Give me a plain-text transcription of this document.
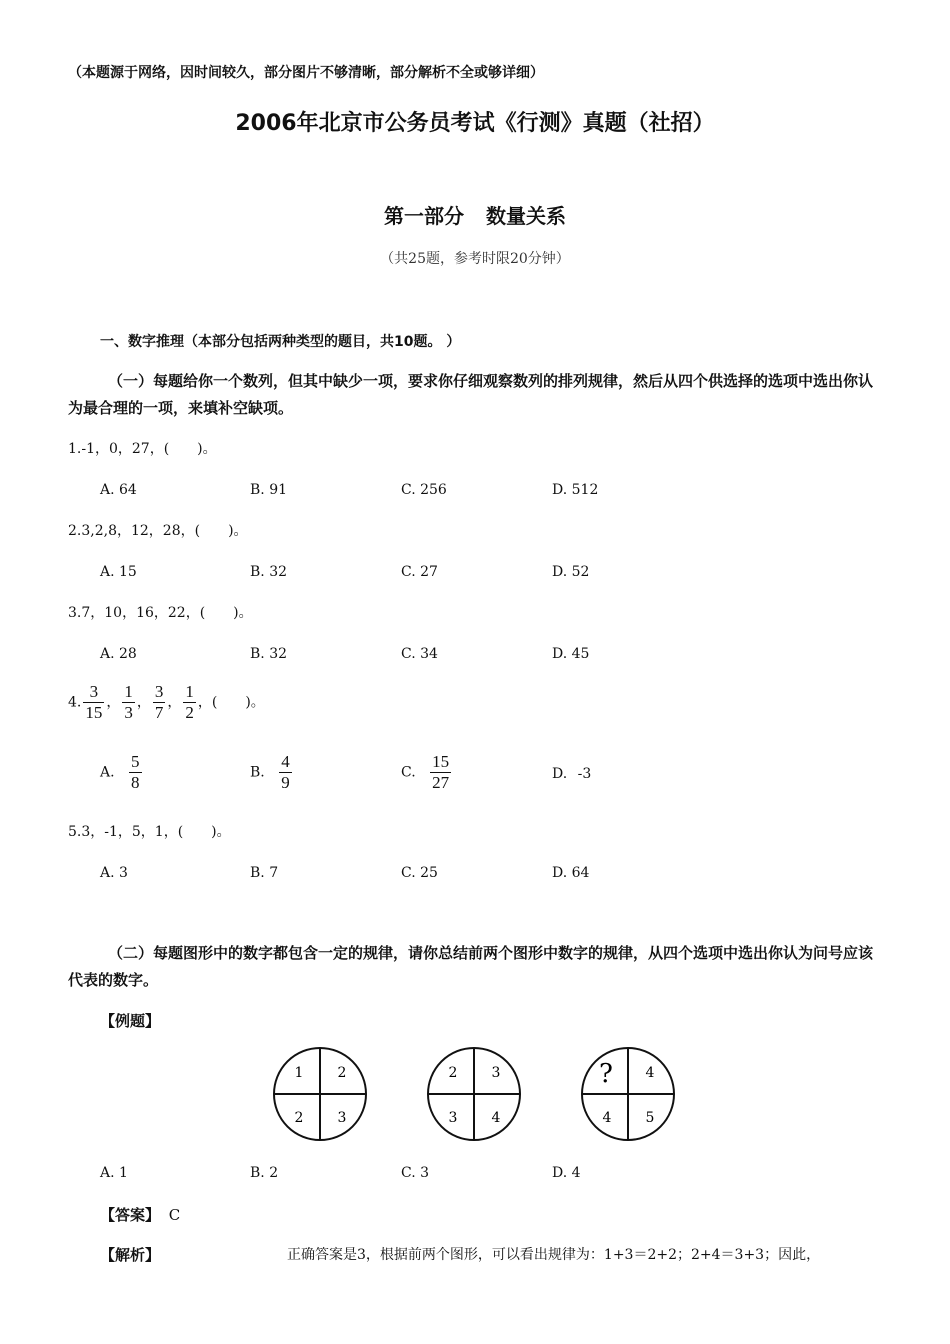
（本题源于网络，因时间较久，部分图片不够清晰，部分解析不全或够详细）
2006年北京市公务员考试《行测》真题（社招）
第一部分 数量关系
（共25题，参考时限20分钟）
一、数字推理（本部分包括两种类型的题目，共10题。 ）
（一）每题给你一个数列，但其中缺少一项，要求你仔细观察数列的排列规律，然后从四个供选择的选项中选出你认为最合理的一项，来填补空缺项。
1.-1，0，27，(　　)。
A. 64	B. 91	C. 256	D. 512
2.3,2,8，12，28，(　　)。
A. 15	B. 32	C. 27	D. 52
3.7，10，16，22，(　　)。
A. 28	B. 32	C. 34	D. 45
4. $\frac{3}{15}$ ， $\frac{1}{3}$ ， $\frac{3}{7}$ ， $\frac{1}{2}$ ，(　　)。
A. $\frac{5}{8}$	B. $\frac{4}{9}$	C. $\frac{15}{27}$	D. -3
5.3，-1，5，1，(　　)。
A. 3	B. 7	C. 25	D. 64
（二）每题图形中的数字都包含一定的规律，请你总结前两个图形中数字的规律，从四个选项中选出你认为问号应该代表的数字。
【例题】
1 2
2 3
2 3
3 4
? 4
4 5
A. 1	B. 2	C. 3	D. 4
【答案】 C
【解析】	正确答案是3，根据前两个图形，可以看出规律为：1+3＝2+2；2+4＝3+3；因此，
